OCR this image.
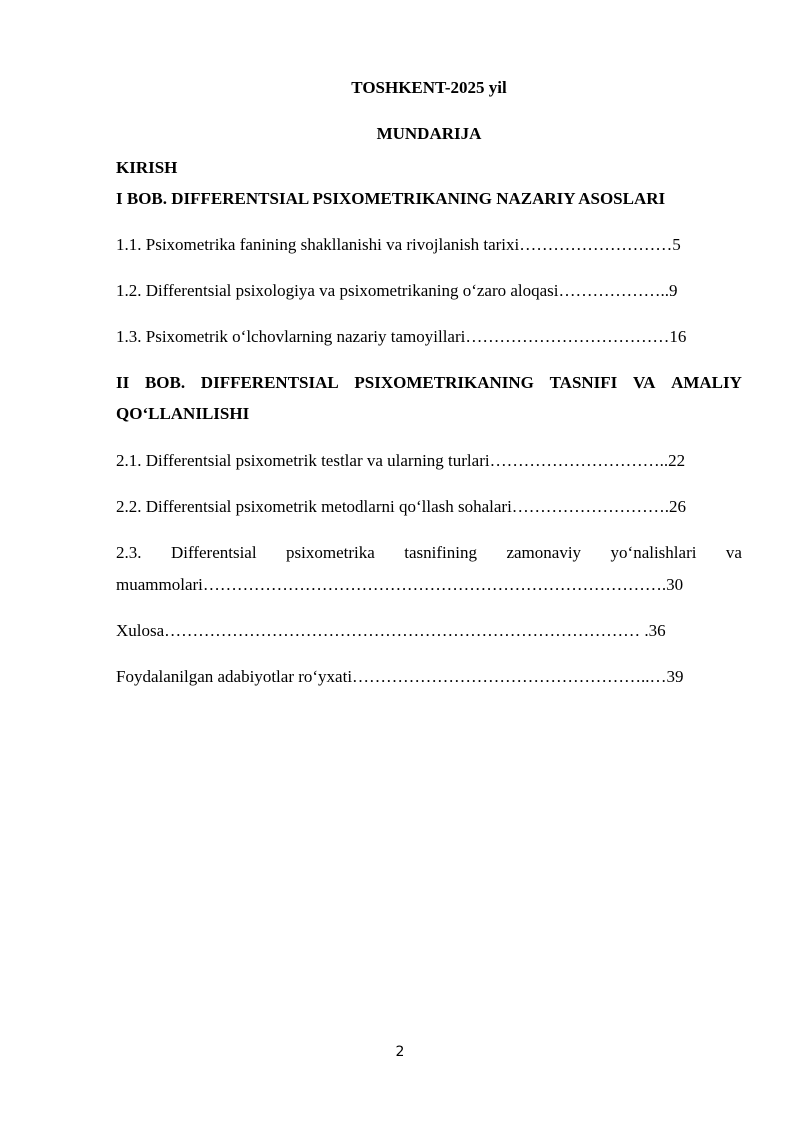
TOSHKENT-2025 yil
MUNDARIJA
KIRISH
I BOB. DIFFERENTSIAL PSIXOMETRIKANING NAZARIY ASOSLARI
1.1. Psixometrika fanining shakllanishi va rivojlanish tarixi………………………5
1.2. Differentsial psixologiya va psixometrikaning oʻzaro aloqasi………………..9
1.3. Psixometrik oʻlchovlarning nazariy tamoyillari………………………………16
II BOB. DIFFERENTSIAL PSIXOMETRIKANING TASNIFI VA AMALIY
QOʻLLANILISHI
2.1. Differentsial psixometrik testlar va ularning turlari…………………………..22
2.2. Differentsial psixometrik metodlarni qoʻllash sohalari……………………….26
2.3. Differentsial psixometrika tasnifining zamonaviy yoʻnalishlari va
muammolari……………………………………………………………………….30
Xulosa………………………………………………………………………… .36
Foydalanilgan adabiyotlar roʻyxati……………………………………………..…39
2
